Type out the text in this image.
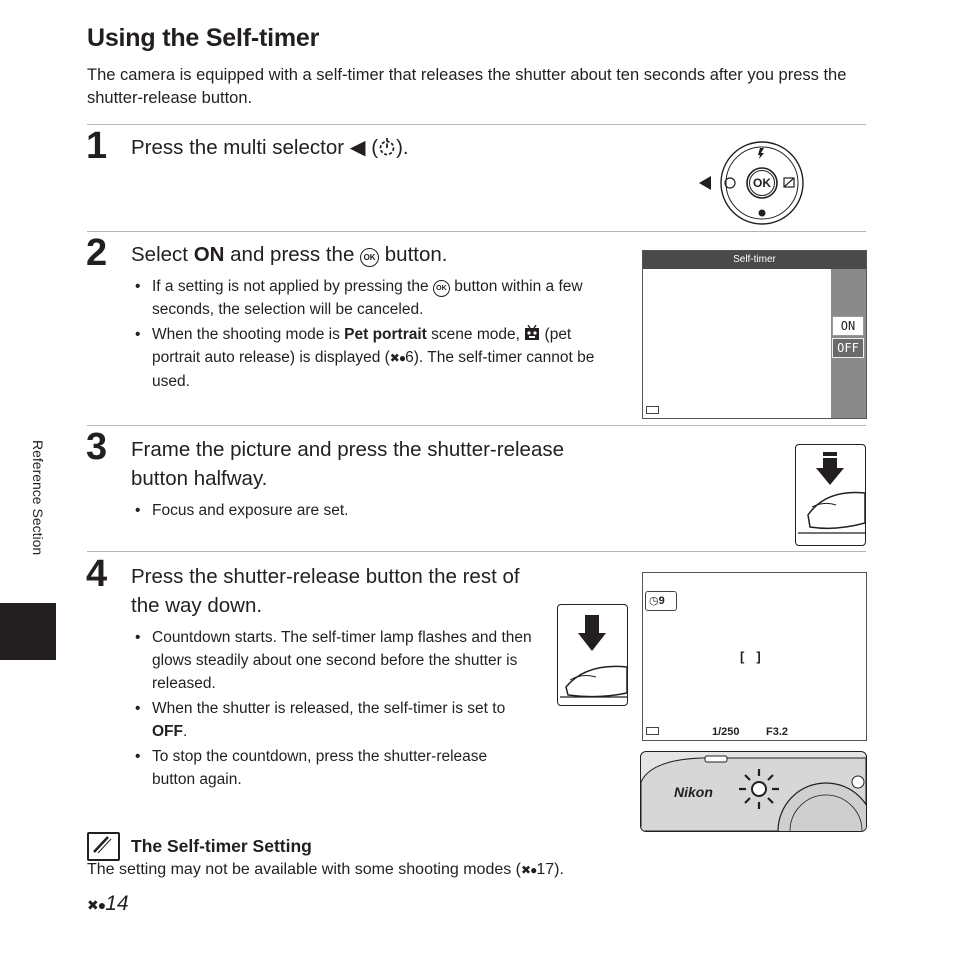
Using the Self-timer
The camera is equipped with a self-timer that releases the shutter about ten seconds after you press the shutter-release button.
Reference Section
1 Press the multi selector ◀ ( ).
OK
2 Select ON and press the OK button.
• If a setting is not applied by pressing the OK button within a few seconds, the selection will be canceled.
• When the shooting mode is Pet portrait scene mode, (pet portrait auto release) is displayed (✖●6). The self-timer cannot be used.
Self-timer
ON
OFF
3 Frame the picture and press the shutter-release button halfway.
• Focus and exposure are set.
4 Press the shutter-release button the rest of the way down.
• Countdown starts. The self-timer lamp flashes and then glows steadily about one second before the shutter is released.
• When the shutter is released, the self-timer is set to OFF.
• To stop the countdown, press the shutter-release button again.
◷9
[]
1/250 F3.2
Nikon
The Self-timer Setting
The setting may not be available with some shooting modes (✖●17).
✖●14
